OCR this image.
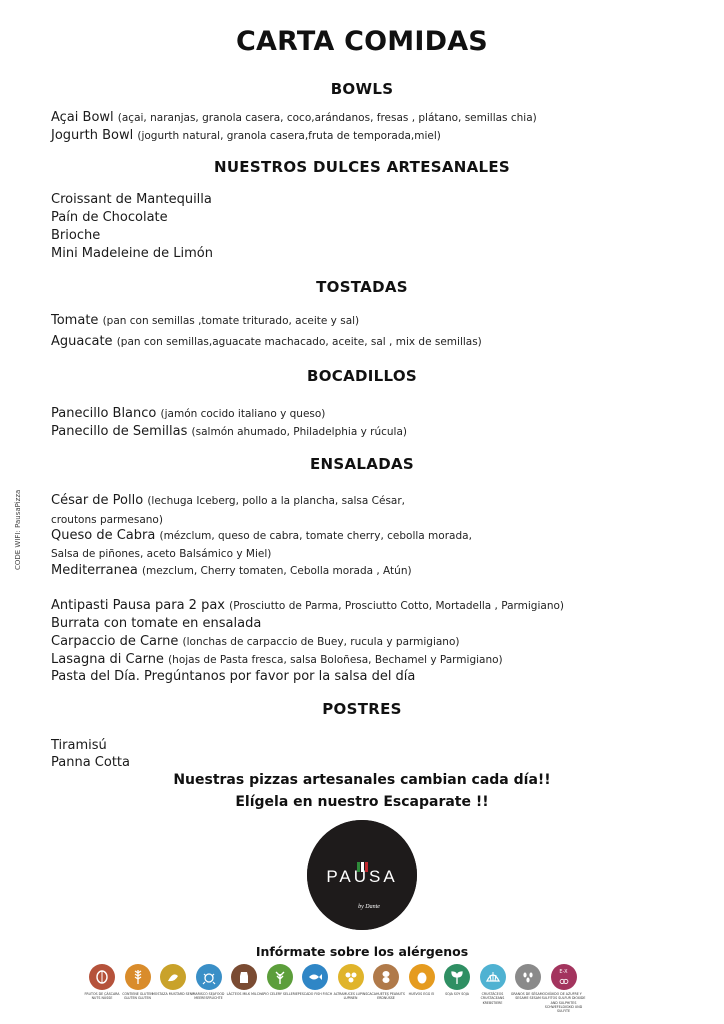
CARTA COMIDAS
BOWLS
Açai Bowl (açai, naranjas, granola casera, coco,arándanos, fresas , plátano, semillas chia)
Jogurth Bowl (jogurth natural, granola casera,fruta de temporada,miel)
NUESTROS DULCES ARTESANALES
Croissant de Mantequilla
Paín de Chocolate
Brioche
Mini Madeleine de Limón
TOSTADAS
Tomate (pan con semillas ,tomate triturado, aceite y sal)
Aguacate (pan con semillas,aguacate machacado, aceite, sal , mix de semillas)
BOCADILLOS
Panecillo Blanco (jamón cocido italiano y queso)
Panecillo de Semillas (salmón ahumado, Philadelphia y rúcula)
ENSALADAS
César de Pollo (lechuga Iceberg, pollo a la plancha, salsa César,
croutons parmesano)
Queso de Cabra (mézclum, queso de cabra, tomate cherry, cebolla morada,
Salsa de piñones, aceto Balsámico y Miel)
Mediterranea (mezclum, Cherry tomaten, Cebolla morada , Atún)
Antipasti Pausa para 2 pax (Prosciutto de Parma, Prosciutto Cotto, Mortadella , Parmigiano)
Burrata con tomate en ensalada
Carpaccio de Carne (lonchas de carpaccio de Buey, rucula y parmigiano)
Lasagna di Carne (hojas de Pasta fresca, salsa Boloñesa, Bechamel y Parmigiano)
Pasta del Día. Pregúntanos por favor por la salsa del día
POSTRES
Tiramisú
Panna Cotta
CODE WIFI: PausaPizza
Nuestras pizzas artesanales cambian cada día!!
Elígela en nuestro Escaparate !!
PAUSA
by Dante
Infórmate sobre los alérgenos
FRUTOS DE CÁSCARA NUTS NÜSSE
CONTIENE GLUTEN GLUTEN GLUTEN
MOSTAZA MUSTARD SENF
MARISCO SEAFOOD MEERESFRÜCHTE
LÁCTEOS MILK MILCH APIO CELERY SELLERIE PESCADO FISH FISCH ALTRAMUCES LUPINS LUPINEN
CACAHUETES PEANUTS ERDNÜSSE
HUEVOS EGG EI	SOJA SOY SOJA	CRUSTÁCEOS CRUSTACEANS KREBSTIERE
GRANOS DE SÉSAMO SESAME SESAM
E-X
DIÓXIDO DE AZUFRE Y SULFITOS SULFUR DIOXIDE AND SULPHITES SCHWEFELDIOXID UND SULFITE
